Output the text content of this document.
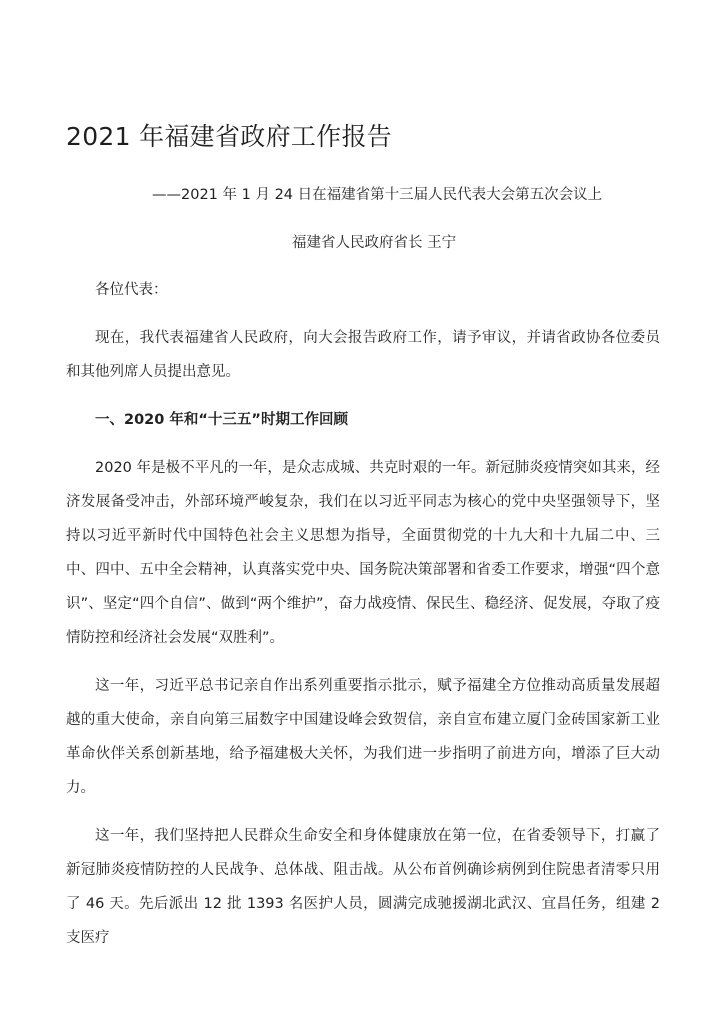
2021 年福建省政府工作报告
——2021 年 1 月 24 日在福建省第十三届人民代表大会第五次会议上
福建省人民政府省长 王宁

各位代表：

现在，我代表福建省人民政府，向大会报告政府工作，请予审议，并请省政协各位委员和其他列席人员提出意见。

一、2020 年和“十三五”时期工作回顾

2020 年是极不平凡的一年，是众志成城、共克时艰的一年。新冠肺炎疫情突如其来，经济发展备受冲击，外部环境严峻复杂，我们在以习近平同志为核心的党中央坚强领导下，坚持以习近平新时代中国特色社会主义思想为指导，全面贯彻党的十九大和十九届二中、三中、四中、五中全会精神，认真落实党中央、国务院决策部署和省委工作要求，增强“四个意识”、坚定“四个自信”、做到“两个维护”，奋力战疫情、保民生、稳经济、促发展，夺取了疫情防控和经济社会发展“双胜利”。

这一年，习近平总书记亲自作出系列重要指示批示，赋予福建全方位推动高质量发展超越的重大使命，亲自向第三届数字中国建设峰会致贺信，亲自宣布建立厦门金砖国家新工业革命伙伴关系创新基地，给予福建极大关怀，为我们进一步指明了前进方向，增添了巨大动力。

这一年，我们坚持把人民群众生命安全和身体健康放在第一位，在省委领导下，打赢了新冠肺炎疫情防控的人民战争、总体战、阻击战。从公布首例确诊病例到住院患者清零只用了 46 天。先后派出 12 批 1393 名医护人员，圆满完成驰援湖北武汉、宜昌任务，组建 2 支医疗
